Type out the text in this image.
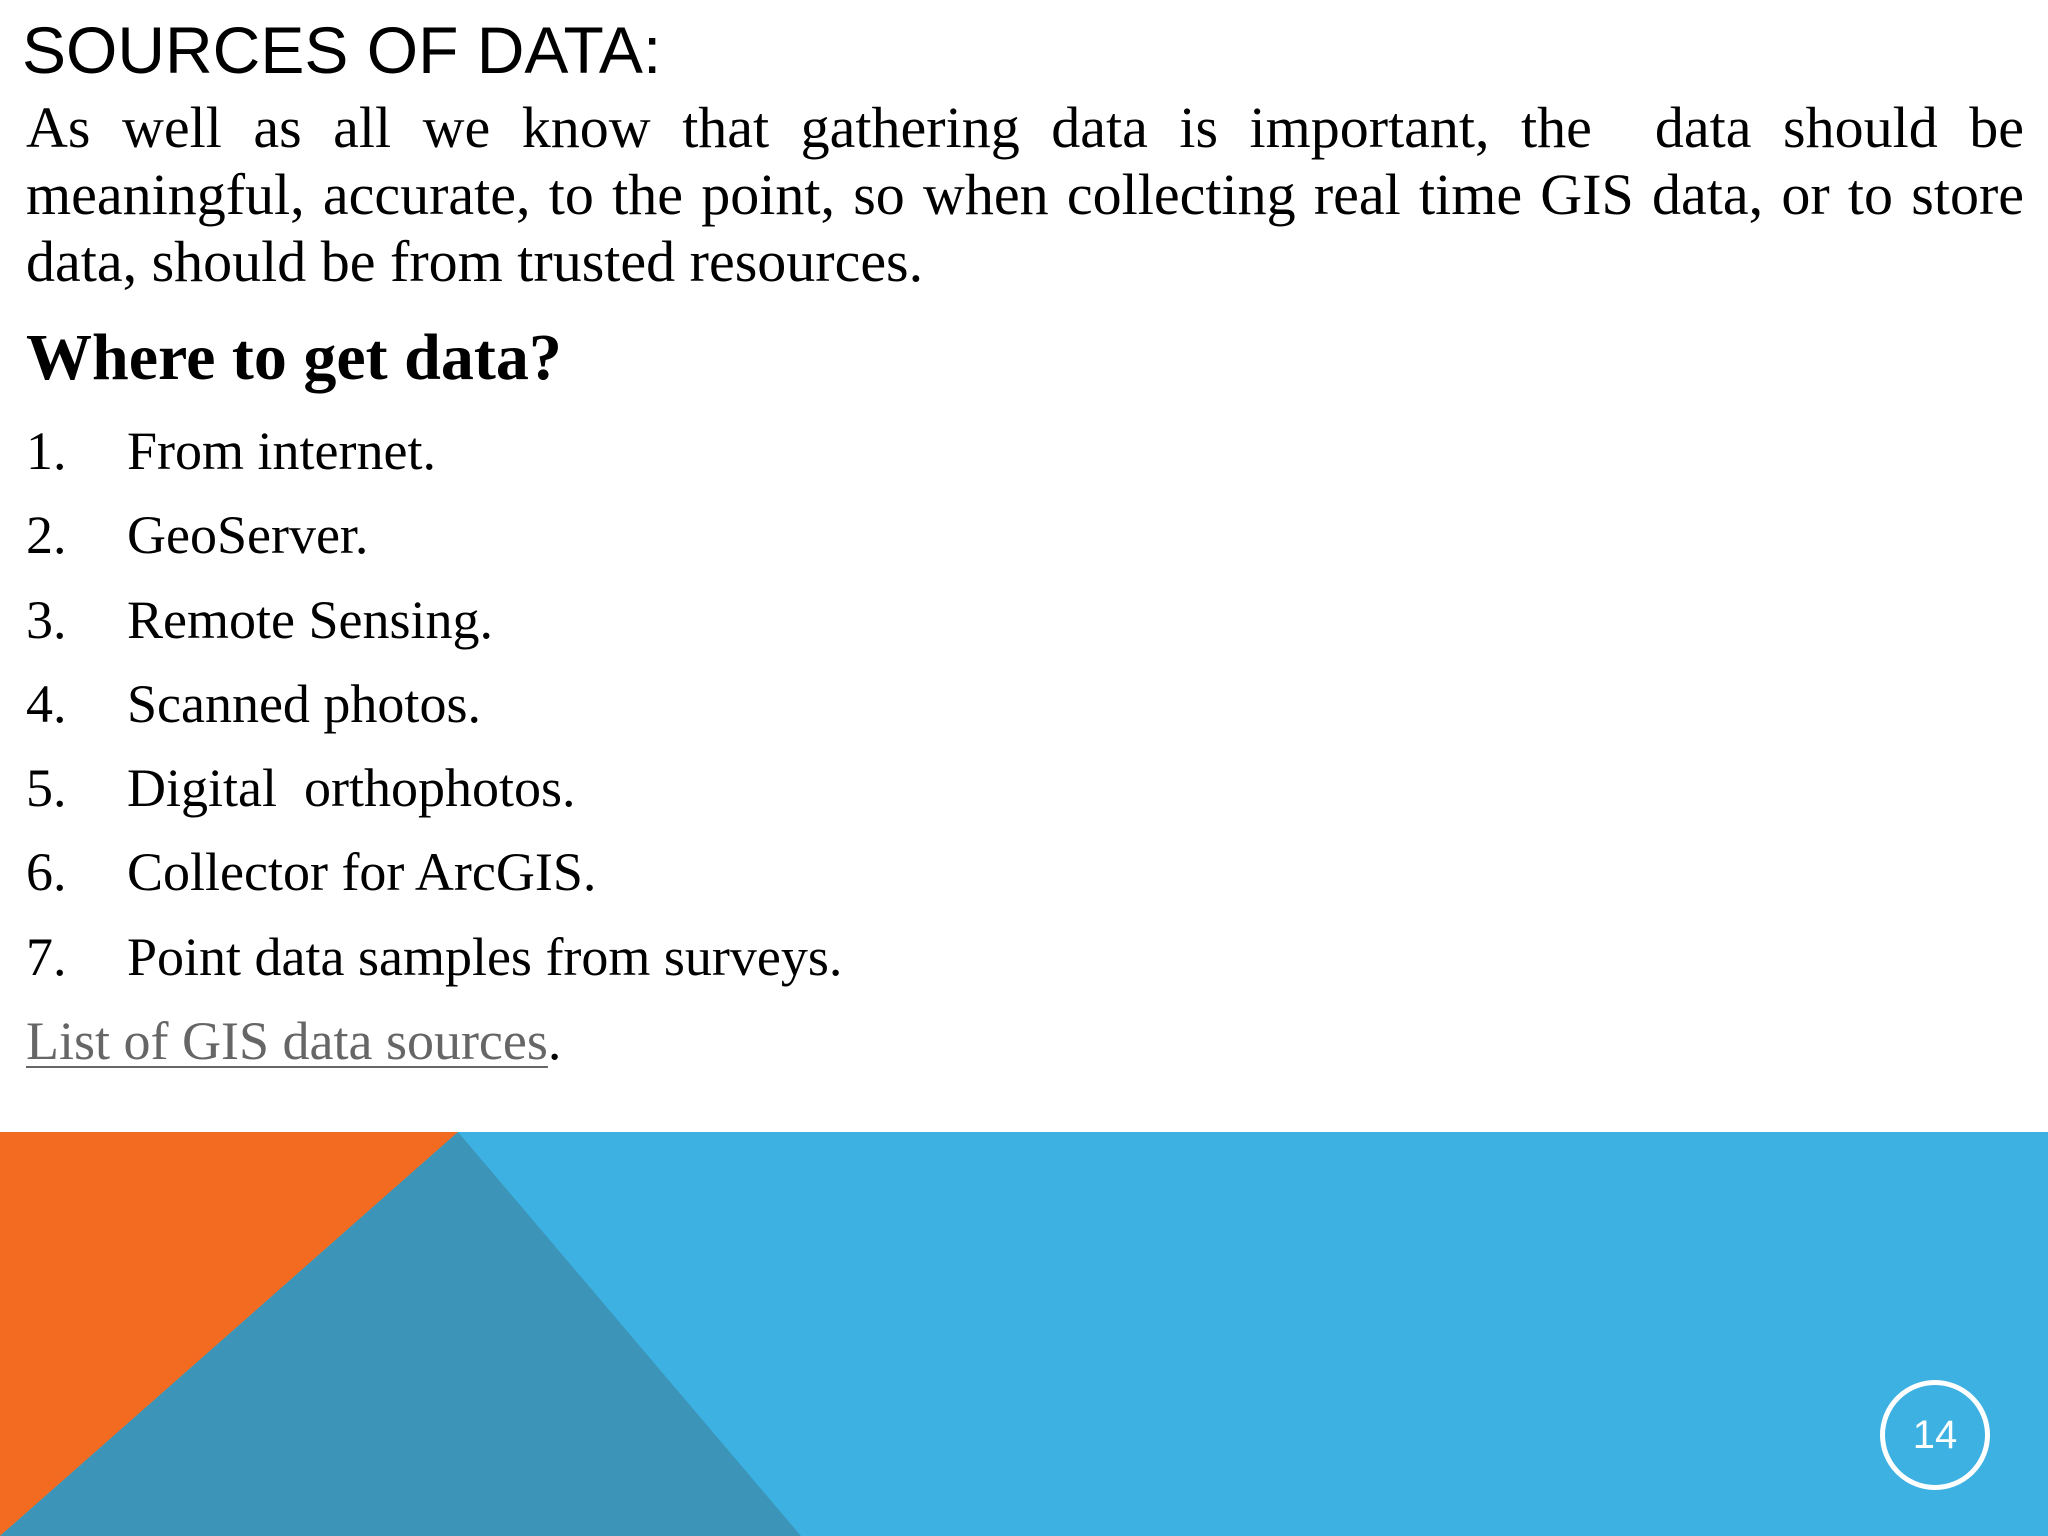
SOURCES OF DATA:

As well as all we know that gathering data is important, the  data should be meaningful, accurate, to the point, so when collecting real time GIS data, or to store data, should be from trusted resources.

Where to get data?
1. From internet.
2. GeoServer.
3. Remote Sensing.
4. Scanned photos.
5. Digital  orthophotos.
6. Collector for ArcGIS.
7. Point data samples from surveys.

List of GIS data sources.

14
